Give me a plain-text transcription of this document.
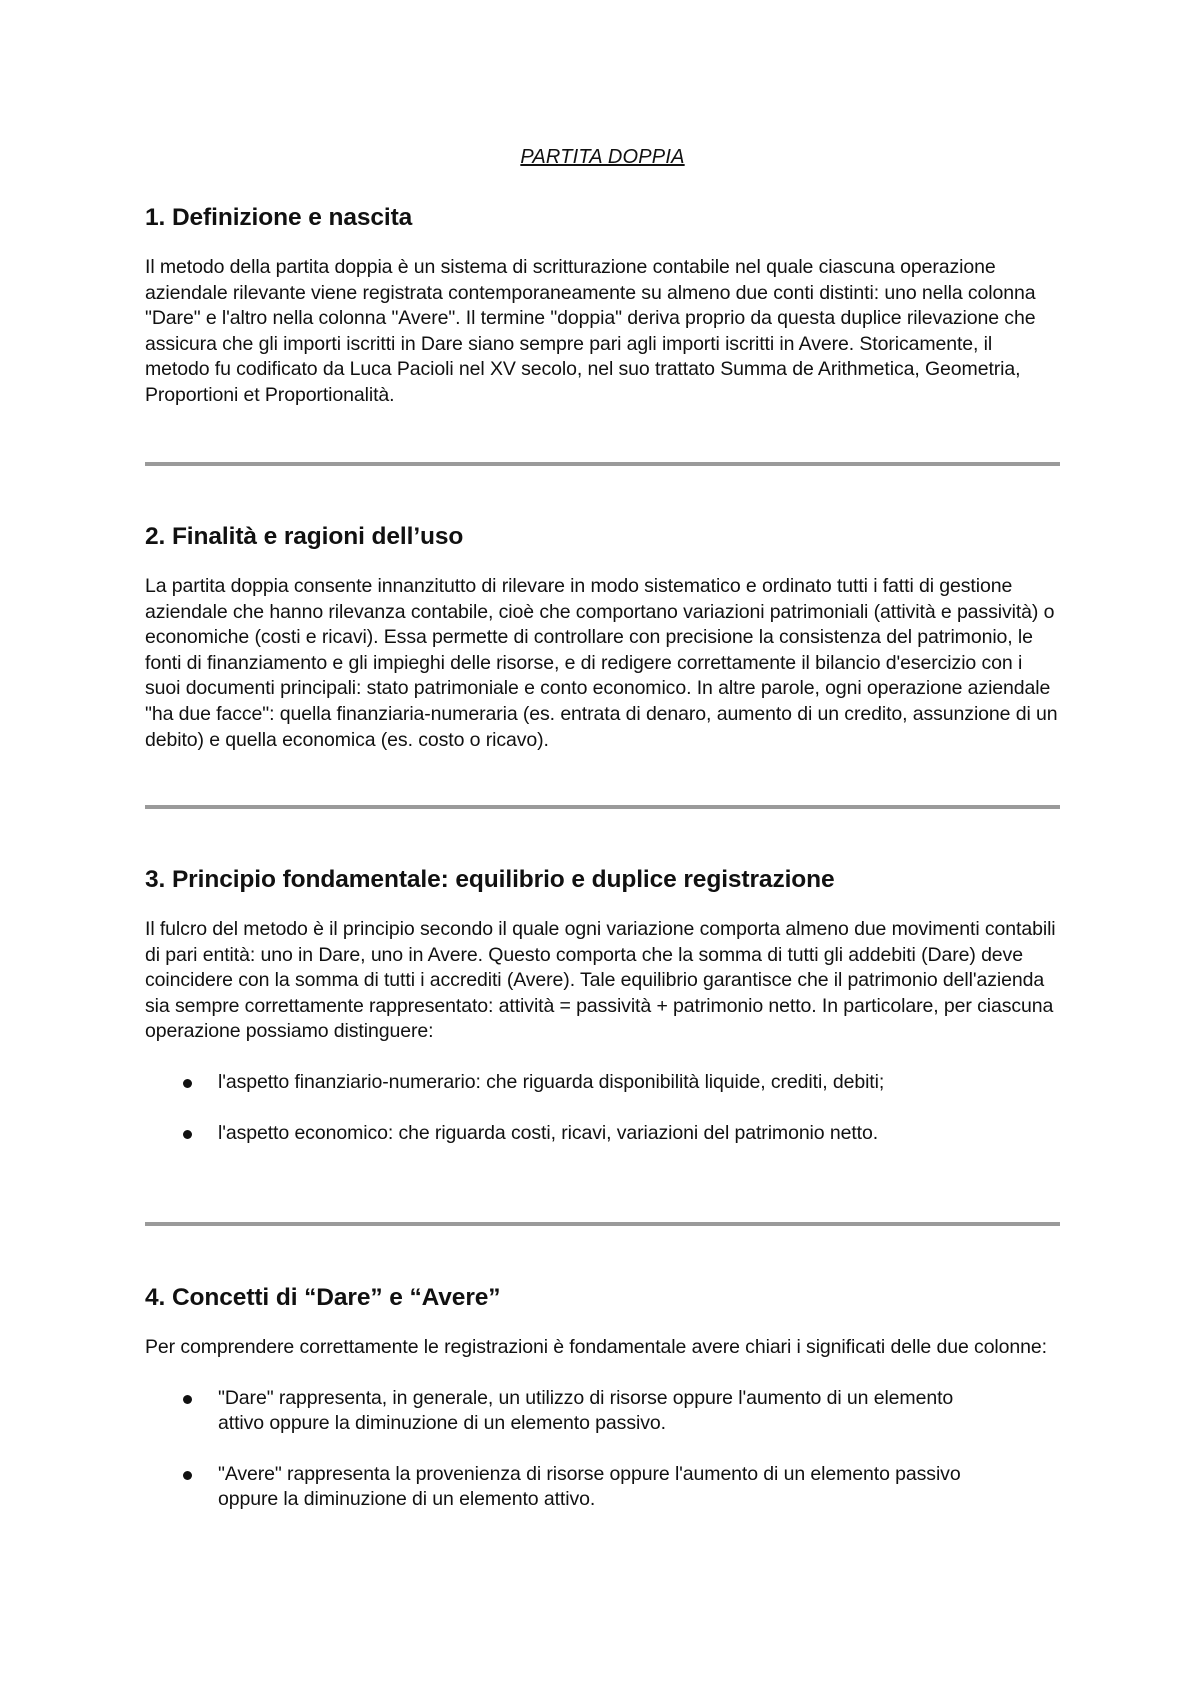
PARTITA DOPPIA
1. Definizione e nascita

Il metodo della partita doppia è un sistema di scritturazione contabile nel quale ciascuna operazione aziendale rilevante viene registrata contemporaneamente su almeno due conti distinti: uno nella colonna "Dare" e l'altro nella colonna "Avere". Il termine "doppia" deriva proprio da questa duplice rilevazione che assicura che gli importi iscritti in Dare siano sempre pari agli importi iscritti in Avere. Storicamente, il metodo fu codificato da Luca Pacioli nel XV secolo, nel suo trattato Summa de Arithmetica, Geometria, Proportioni et Proportionalità.

2. Finalità e ragioni dell’uso

La partita doppia consente innanzitutto di rilevare in modo sistematico e ordinato tutti i fatti di gestione aziendale che hanno rilevanza contabile, cioè che comportano variazioni patrimoniali (attività e passività) o economiche (costi e ricavi). Essa permette di controllare con precisione la consistenza del patrimonio, le fonti di finanziamento e gli impieghi delle risorse, e di redigere correttamente il bilancio d'esercizio con i suoi documenti principali: stato patrimoniale e conto economico. In altre parole, ogni operazione aziendale "ha due facce": quella finanziaria-numeraria (es. entrata di denaro, aumento di un credito, assunzione di un debito) e quella economica (es. costo o ricavo).

3. Principio fondamentale: equilibrio e duplice registrazione

Il fulcro del metodo è il principio secondo il quale ogni variazione comporta almeno due movimenti contabili di pari entità: uno in Dare, uno in Avere. Questo comporta che la somma di tutti gli addebiti (Dare) deve coincidere con la somma di tutti i accrediti (Avere). Tale equilibrio garantisce che il patrimonio dell'azienda sia sempre correttamente rappresentato: attività = passività + patrimonio netto. In particolare, per ciascuna operazione possiamo distinguere:

l'aspetto finanziario-numerario: che riguarda disponibilità liquide, crediti, debiti;
l'aspetto economico: che riguarda costi, ricavi, variazioni del patrimonio netto.
4. Concetti di “Dare” e “Avere”

Per comprendere correttamente le registrazioni è fondamentale avere chiari i significati delle due colonne:

"Dare" rappresenta, in generale, un utilizzo di risorse oppure l'aumento di un elemento attivo oppure la diminuzione di un elemento passivo.
"Avere" rappresenta la provenienza di risorse oppure l'aumento di un elemento passivo oppure la diminuzione di un elemento attivo.
